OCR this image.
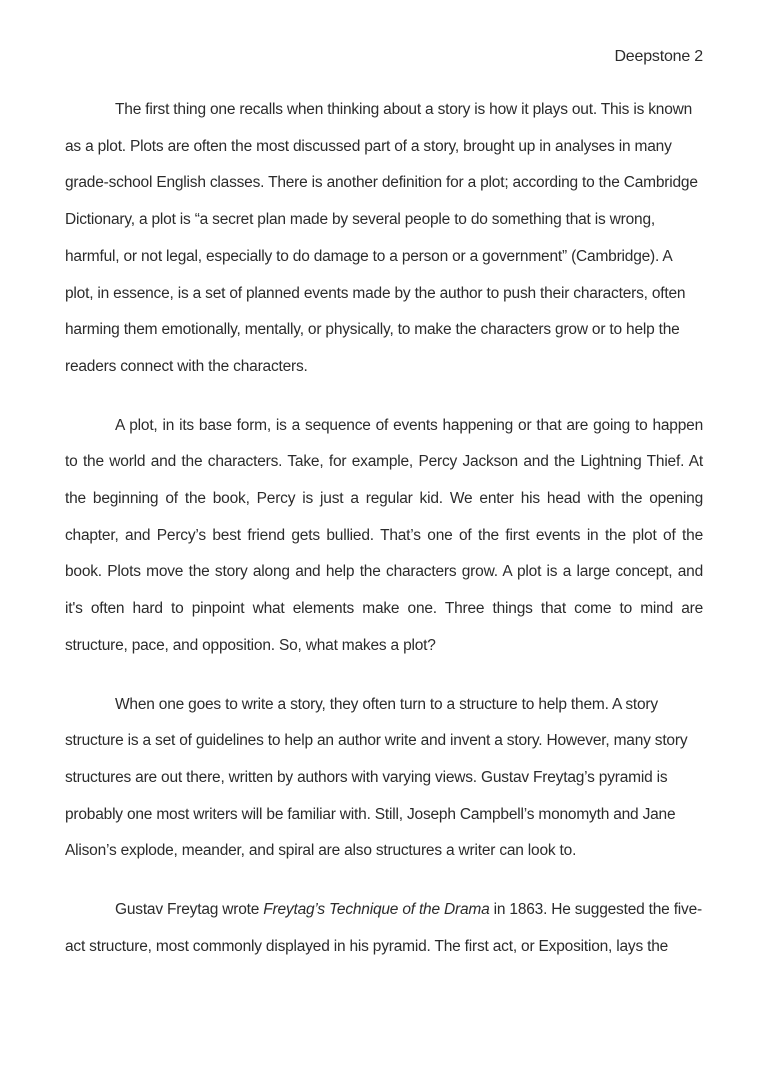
Deepstone 2

The first thing one recalls when thinking about a story is how it plays out. This is known as a plot. Plots are often the most discussed part of a story, brought up in analyses in many grade-school English classes. There is another definition for a plot; according to the Cambridge Dictionary, a plot is “a secret plan made by several people to do something that is wrong, harmful, or not legal, especially to do damage to a person or a government” (Cambridge). A plot, in essence, is a set of planned events made by the author to push their characters, often harming them emotionally, mentally, or physically, to make the characters grow or to help the readers connect with the characters.

A plot, in its base form, is a sequence of events happening or that are going to happen to the world and the characters. Take, for example, Percy Jackson and the Lightning Thief. At the beginning of the book, Percy is just a regular kid. We enter his head with the opening chapter, and Percy’s best friend gets bullied. That’s one of the first events in the plot of the book. Plots move the story along and help the characters grow. A plot is a large concept, and it's often hard to pinpoint what elements make one. Three things that come to mind are structure, pace, and opposition. So, what makes a plot?

When one goes to write a story, they often turn to a structure to help them. A story structure is a set of guidelines to help an author write and invent a story. However, many story structures are out there, written by authors with varying views. Gustav Freytag’s pyramid is probably one most writers will be familiar with. Still, Joseph Campbell’s monomyth and Jane Alison’s explode, meander, and spiral are also structures a writer can look to.

Gustav Freytag wrote Freytag’s Technique of the Drama in 1863. He suggested the five-act structure, most commonly displayed in his pyramid. The first act, or Exposition, lays the
